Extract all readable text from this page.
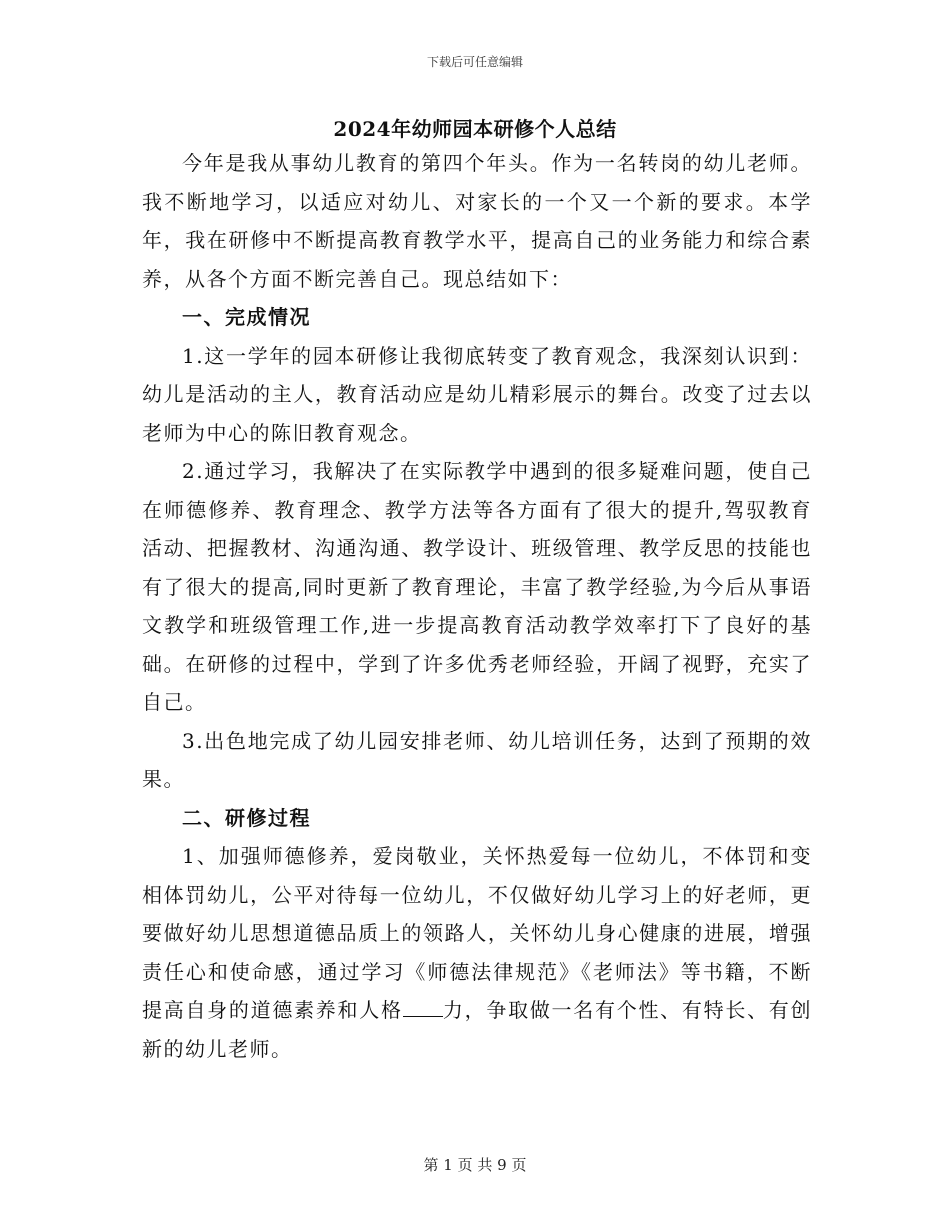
下载后可任意编辑
2024年幼师园本研修个人总结

今年是我从事幼儿教育的第四个年头。作为一名转岗的幼儿老师。我不断地学习，以适应对幼儿、对家长的一个又一个新的要求。本学年，我在研修中不断提高教育教学水平，提高自己的业务能力和综合素养，从各个方面不断完善自己。现总结如下：

一、完成情况

1.这一学年的园本研修让我彻底转变了教育观念，我深刻认识到：幼儿是活动的主人，教育活动应是幼儿精彩展示的舞台。改变了过去以老师为中心的陈旧教育观念。

2.通过学习，我解决了在实际教学中遇到的很多疑难问题，使自己在师德修养、教育理念、教学方法等各方面有了很大的提升,驾驭教育活动、把握教材、沟通沟通、教学设计、班级管理、教学反思的技能也有了很大的提高,同时更新了教育理论，丰富了教学经验,为今后从事语文教学和班级管理工作,进一步提高教育活动教学效率打下了良好的基础。在研修的过程中，学到了许多优秀老师经验，开阔了视野，充实了自己。

3.出色地完成了幼儿园安排老师、幼儿培训任务，达到了预期的效果。

二、研修过程

1、加强师德修养，爱岗敬业，关怀热爱每一位幼儿，不体罚和变相体罚幼儿，公平对待每一位幼儿，不仅做好幼儿学习上的好老师，更要做好幼儿思想道德品质上的领路人，关怀幼儿身心健康的进展，增强责任心和使命感，通过学习《师德法律规范》《老师法》等书籍，不断提高自身的道德素养和人格 力，争取做一名有个性、有特长、有创新的幼儿老师。

第 1 页 共 9 页
